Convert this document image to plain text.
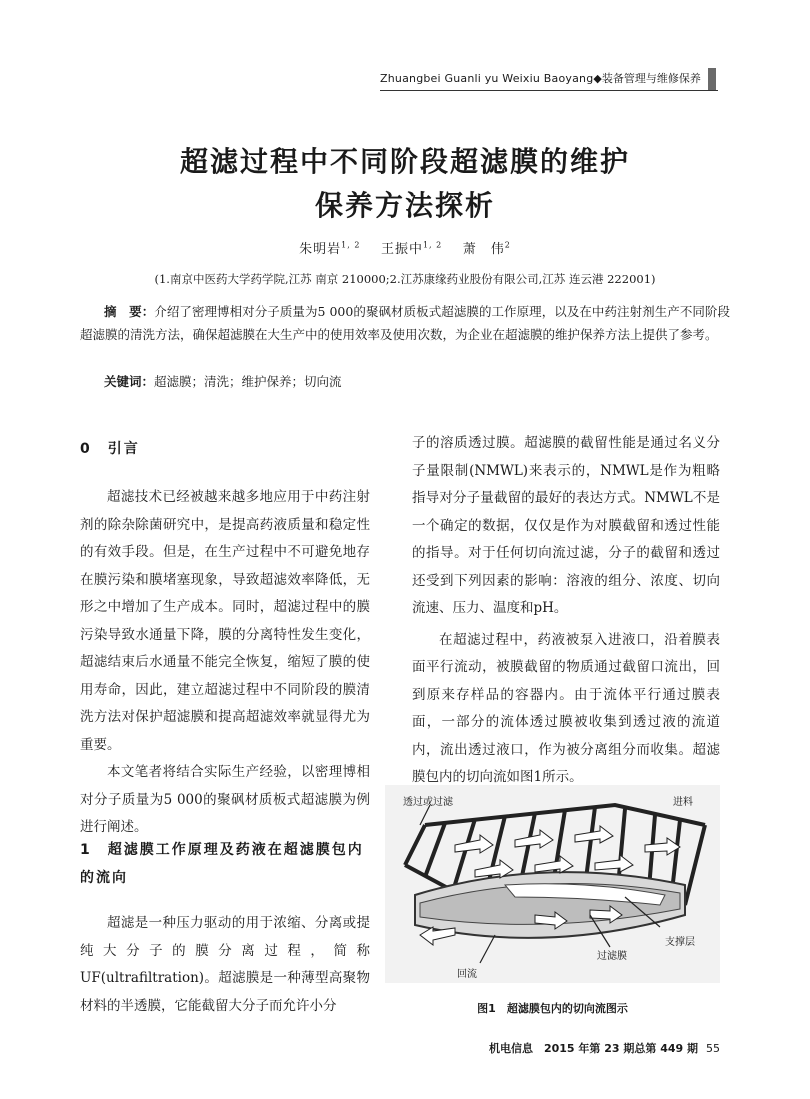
Zhuangbei Guanli yu Weixiu Baoyang◆装备管理与维修保养
超滤过程中不同阶段超滤膜的维护
保养方法探析
朱明岩$^{1, 2}$ 王振中$^{1, 2}$ 萧　伟$^2$
(1.南京中医药大学药学院,江苏 南京 210000;2.江苏康缘药业股份有限公司,江苏 连云港 222001)
摘　要：介绍了密理博相对分子质量为5 000的聚砜材质板式超滤膜的工作原理，以及在中药注射剂生产不同阶段超滤膜的清洗方法，确保超滤膜在大生产中的使用效率及使用次数，为企业在超滤膜的维护保养方法上提供了参考。
关键词：超滤膜；清洗；维护保养；切向流
0　引言

超滤技术已经被越来越多地应用于中药注射剂的除杂除菌研究中，是提高药液质量和稳定性的有效手段。但是，在生产过程中不可避免地存在膜污染和膜堵塞现象，导致超滤效率降低，无形之中增加了生产成本。同时，超滤过程中的膜污染导致水通量下降，膜的分离特性发生变化，超滤结束后水通量不能完全恢复，缩短了膜的使用寿命，因此，建立超滤过程中不同阶段的膜清洗方法对保护超滤膜和提高超滤效率就显得尤为重要。

本文笔者将结合实际生产经验，以密理博相对分子质量为5 000的聚砜材质板式超滤膜为例进行阐述。

1　超滤膜工作原理及药液在超滤膜包内的流向

超滤是一种压力驱动的用于浓缩、分离或提纯大分子的膜分离过程，简称UF(ultrafiltration)。超滤膜是一种薄型高聚物材料的半透膜，它能截留大分子而允许小分

子的溶质透过膜。超滤膜的截留性能是通过名义分子量限制(NMWL)来表示的，NMWL是作为粗略指导对分子量截留的最好的表达方式。NMWL不是一个确定的数据，仅仅是作为对膜截留和透过性能的指导。对于任何切向流过滤，分子的截留和透过还受到下列因素的影响：溶液的组分、浓度、切向流速、压力、温度和pH。

在超滤过程中，药液被泵入进液口，沿着膜表面平行流动，被膜截留的物质通过截留口流出，回到原来存样品的容器内。由于流体平行通过膜表面，一部分的流体透过膜被收集到透过液的流道内，流出透过液口，作为被分离组分而收集。超滤膜包内的切向流如图1所示。

透过或过滤	进料
支撑层
过滤膜
回流
图1　超滤膜包内的切向流图示
机电信息　2015 年第 23 期总第 449 期 55
